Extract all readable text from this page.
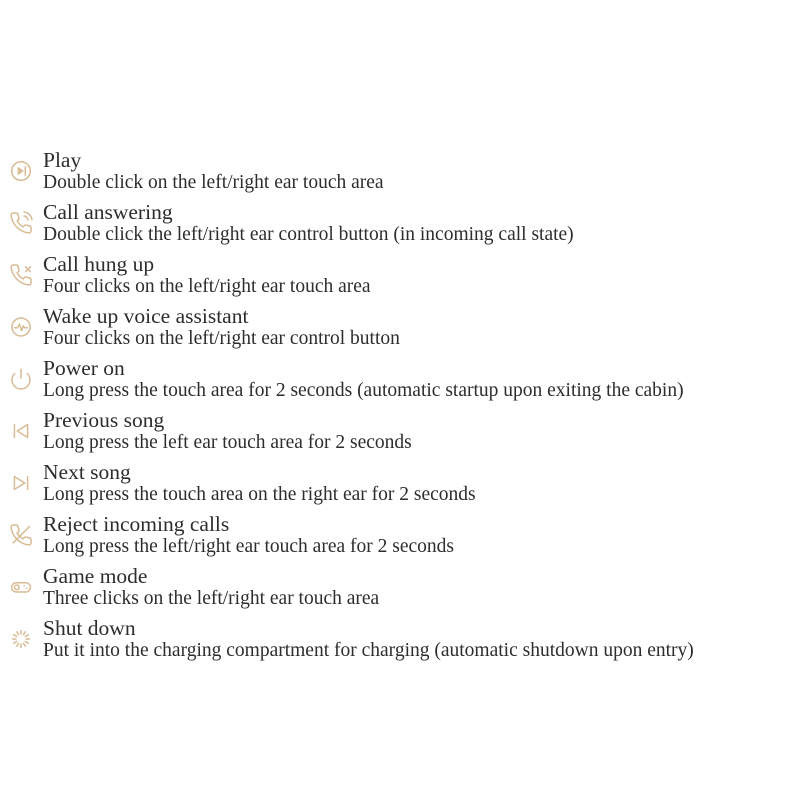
Play
Double click on the left/right ear touch area
Call answering
Double click the left/right ear control button (in incoming call state)
Call hung up
Four clicks on the left/right ear touch area
Wake up voice assistant
Four clicks on the left/right ear control button
Power on
Long press the touch area for 2 seconds (automatic startup upon exiting the cabin)
Previous song
Long press the left ear touch area for 2 seconds
Next song
Long press the touch area on the right ear for 2 seconds
Reject incoming calls
Long press the left/right ear touch area for 2 seconds
Game mode
Three clicks on the left/right ear touch area
Shut down
Put it into the charging compartment for charging (automatic shutdown upon entry)
